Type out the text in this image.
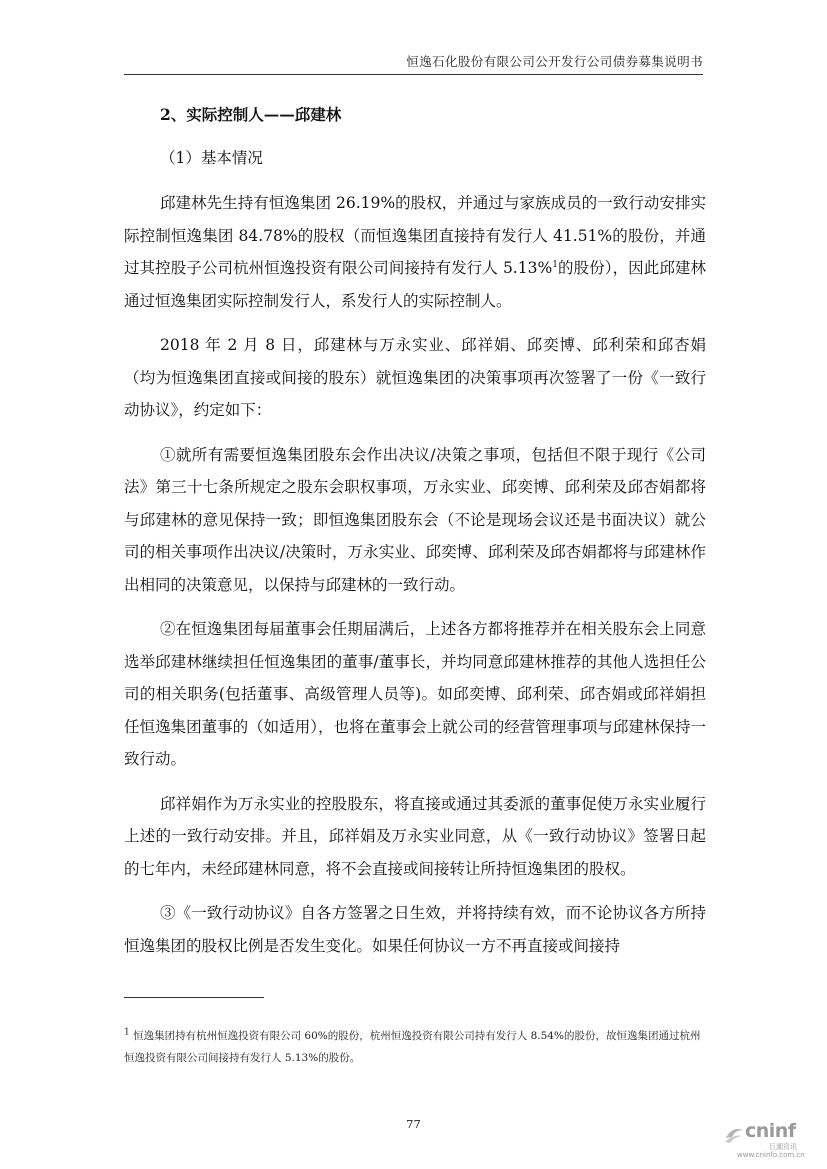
恒逸石化股份有限公司公开发行公司债券募集说明书
2、实际控制人——邱建林
（1）基本情况

邱建林先生持有恒逸集团 26.19%的股权，并通过与家族成员的一致行动安排实际控制恒逸集团 84.78%的股权（而恒逸集团直接持有发行人 41.51%的股份，并通过其控股子公司杭州恒逸投资有限公司间接持有发行人 5.13%$^1$的股份），因此邱建林通过恒逸集团实际控制发行人，系发行人的实际控制人。

2018 年 2 月 8 日，邱建林与万永实业、邱祥娟、邱奕博、邱利荣和邱杏娟（均为恒逸集团直接或间接的股东）就恒逸集团的决策事项再次签署了一份《一致行动协议》，约定如下：

①就所有需要恒逸集团股东会作出决议/决策之事项，包括但不限于现行《公司法》第三十七条所规定之股东会职权事项，万永实业、邱奕博、邱利荣及邱杏娟都将与邱建林的意见保持一致；即恒逸集团股东会（不论是现场会议还是书面决议）就公司的相关事项作出决议/决策时，万永实业、邱奕博、邱利荣及邱杏娟都将与邱建林作出相同的决策意见，以保持与邱建林的一致行动。

②在恒逸集团每届董事会任期届满后，上述各方都将推荐并在相关股东会上同意选举邱建林继续担任恒逸集团的董事/董事长，并均同意邱建林推荐的其他人选担任公司的相关职务(包括董事、高级管理人员等)。如邱奕博、邱利荣、邱杏娟或邱祥娟担任恒逸集团董事的（如适用），也将在董事会上就公司的经营管理事项与邱建林保持一致行动。

邱祥娟作为万永实业的控股股东，将直接或通过其委派的董事促使万永实业履行上述的一致行动安排。并且，邱祥娟及万永实业同意，从《一致行动协议》签署日起的七年内，未经邱建林同意，将不会直接或间接转让所持恒逸集团的股权。

③《一致行动协议》自各方签署之日生效，并将持续有效，而不论协议各方所持恒逸集团的股权比例是否发生变化。如果任何协议一方不再直接或间接持

$^1$ 恒逸集团持有杭州恒逸投资有限公司 60%的股份，杭州恒逸投资有限公司持有发行人 8.54%的股份，故恒逸集团通过杭州恒逸投资有限公司间接持有发行人 5.13%的股份。
77	cninf
巨潮资讯
www.cninfo.com.cn
